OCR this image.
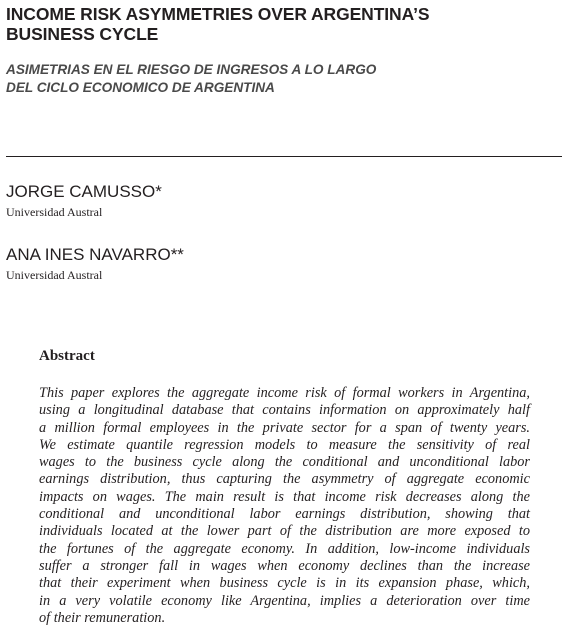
INCOME RISK ASYMMETRIES OVER ARGENTINA’S
BUSINESS CYCLE
ASIMETRIAS EN EL RIESGO DE INGRESOS A LO LARGO
DEL CICLO ECONOMICO DE ARGENTINA

JORGE CAMUSSO*

Universidad Austral

ANA INES NAVARRO**

Universidad Austral

Abstract
This paper explores the aggregate income risk of formal workers in Argentina,
using a longitudinal database that contains information on approximately half
a million formal employees in the private sector for a span of twenty years.
We estimate quantile regression models to measure the sensitivity of real
wages to the business cycle along the conditional and unconditional labor
earnings distribution, thus capturing the asymmetry of aggregate economic
impacts on wages. The main result is that income risk decreases along the
conditional and unconditional labor earnings distribution, showing that
individuals located at the lower part of the distribution are more exposed to
the fortunes of the aggregate economy. In addition, low-income individuals
suffer a stronger fall in wages when economy declines than the increase
that their experiment when business cycle is in its expansion phase, which,
in a very volatile economy like Argentina, implies a deterioration over time
of their remuneration.
